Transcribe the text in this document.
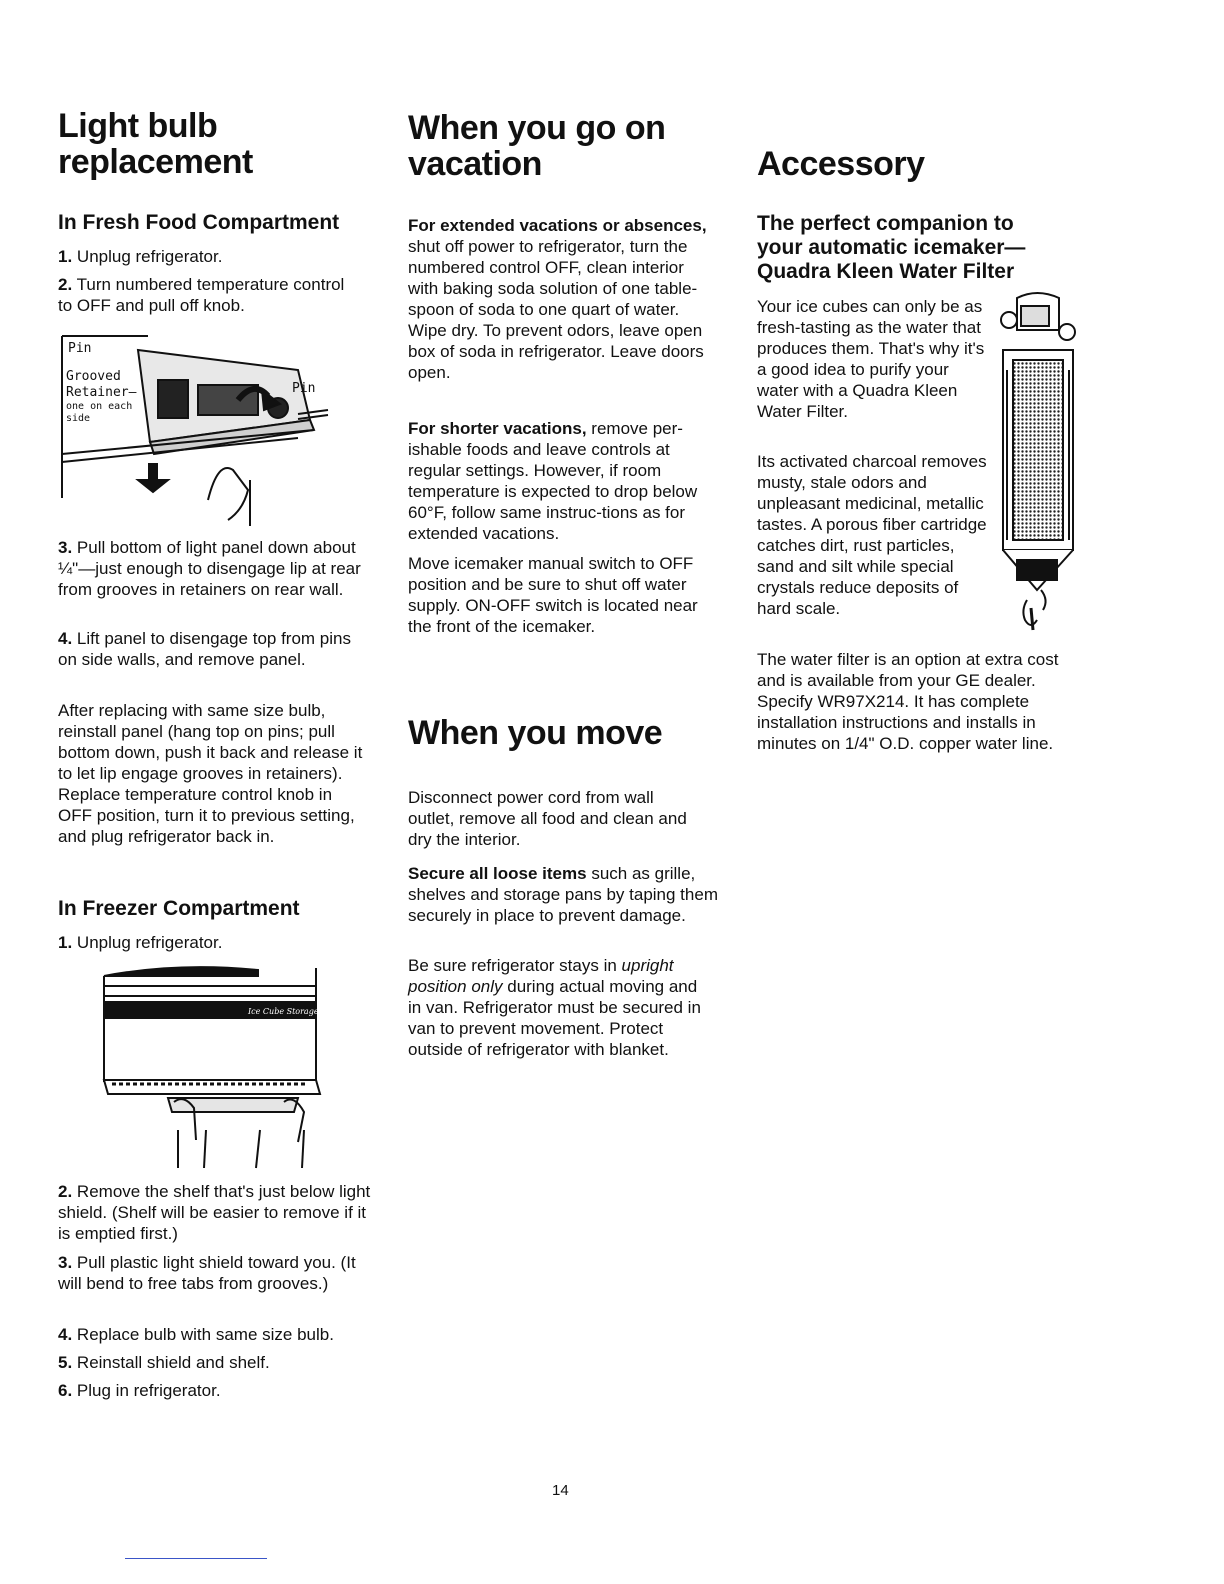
Light bulb
replacement
In Fresh Food Compartment

1. Unplug refrigerator.

2. Turn numbered temperature control to OFF and pull off knob.

Pin
Grooved
Retainer—
one on each
side
Pin

3. Pull bottom of light panel down about ¼"—just enough to disengage lip at rear from grooves in retainers on rear wall.

4. Lift panel to disengage top from pins on side walls, and remove panel.

After replacing with same size bulb, reinstall panel (hang top on pins; pull bottom down, push it back and release it to let lip engage grooves in retainers). Replace temperature control knob in OFF position, turn it to previous setting, and plug refrigerator back in.

In Freezer Compartment

1. Unplug refrigerator.

Ice Cube Storage

2. Remove the shelf that's just below light shield. (Shelf will be easier to remove if it is emptied first.)

3. Pull plastic light shield toward you. (It will bend to free tabs from grooves.)

4. Replace bulb with same size bulb.

5. Reinstall shield and shelf.

6. Plug in refrigerator.

When you go on
vacation

For extended vacations or absences, shut off power to refrigerator, turn the numbered control OFF, clean interior with baking soda solution of one table-spoon of soda to one quart of water. Wipe dry. To prevent odors, leave open box of soda in refrigerator. Leave doors open.

For shorter vacations, remove per-ishable foods and leave controls at regular settings. However, if room temperature is expected to drop below 60°F, follow same instruc-tions as for extended vacations.

Move icemaker manual switch to OFF position and be sure to shut off water supply. ON-OFF switch is located near the front of the icemaker.

When you move

Disconnect power cord from wall outlet, remove all food and clean and dry the interior.

Secure all loose items such as grille, shelves and storage pans by taping them securely in place to prevent damage.

Be sure refrigerator stays in upright position only during actual moving and in van. Refrigerator must be secured in van to prevent movement. Protect outside of refrigerator with blanket.

Accessory
The perfect companion to
your automatic icemaker—
Quadra Kleen Water Filter

Your ice cubes can only be as fresh-tasting as the water that produces them. That's why it's a good idea to purify your water with a Quadra Kleen Water Filter.

Its activated charcoal removes musty, stale odors and unpleasant medicinal, metallic tastes. A porous fiber cartridge catches dirt, rust particles, sand and silt while special crystals reduce deposits of hard scale.

The water filter is an option at extra cost and is available from your GE dealer. Specify WR97X214. It has complete installation instructions and installs in minutes on 1/4" O.D. copper water line.

14
